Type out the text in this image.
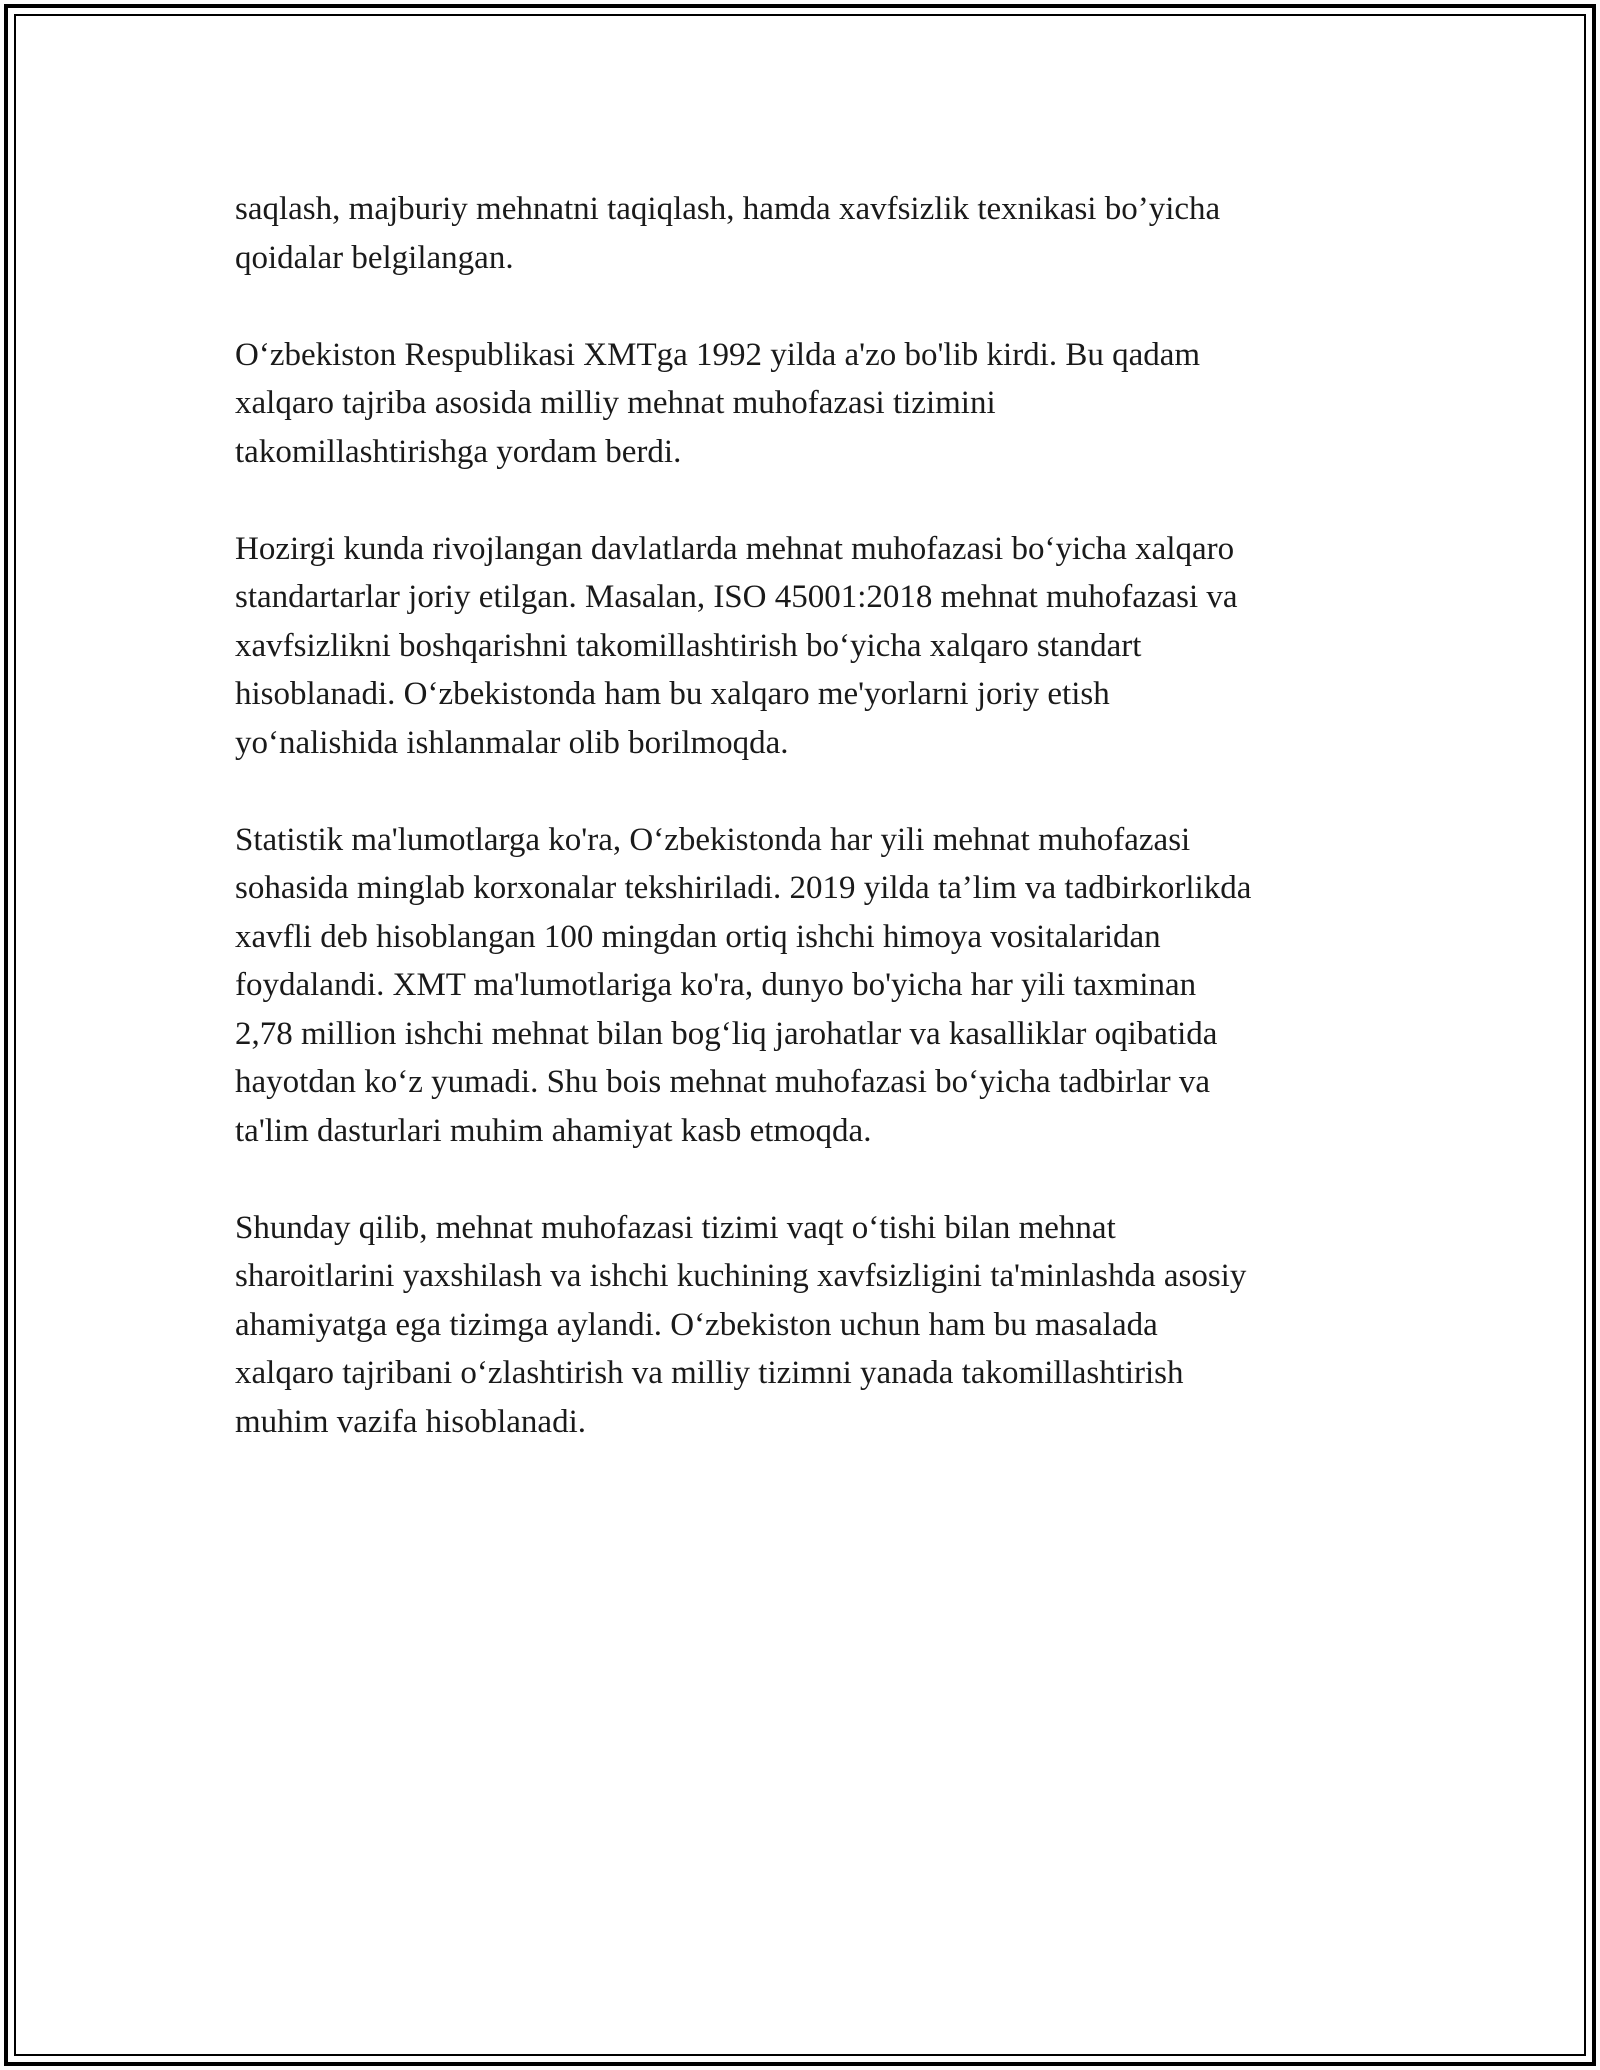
saqlash, majburiy mehnatni taqiqlash, hamda xavfsizlik texnikasi bo’yicha
qoidalar belgilangan.
O‘zbekiston Respublikasi XMTga 1992 yilda a'zo bo'lib kirdi. Bu qadam
xalqaro tajriba asosida milliy mehnat muhofazasi tizimini
takomillashtirishga yordam berdi.
Hozirgi kunda rivojlangan davlatlarda mehnat muhofazasi bo‘yicha xalqaro
standartarlar joriy etilgan. Masalan, ISO 45001:2018 mehnat muhofazasi va
xavfsizlikni boshqarishni takomillashtirish bo‘yicha xalqaro standart
hisoblanadi. O‘zbekistonda ham bu xalqaro me'yorlarni joriy etish
yo‘nalishida ishlanmalar olib borilmoqda.
Statistik ma'lumotlarga ko'ra, O‘zbekistonda har yili mehnat muhofazasi
sohasida minglab korxonalar tekshiriladi. 2019 yilda ta’lim va tadbirkorlikda
xavfli deb hisoblangan 100 mingdan ortiq ishchi himoya vositalaridan
foydalandi. XMT ma'lumotlariga ko'ra, dunyo bo'yicha har yili taxminan
2,78 million ishchi mehnat bilan bog‘liq jarohatlar va kasalliklar oqibatida
hayotdan ko‘z yumadi. Shu bois mehnat muhofazasi bo‘yicha tadbirlar va
ta'lim dasturlari muhim ahamiyat kasb etmoqda.
Shunday qilib, mehnat muhofazasi tizimi vaqt o‘tishi bilan mehnat
sharoitlarini yaxshilash va ishchi kuchining xavfsizligini ta'minlashda asosiy
ahamiyatga ega tizimga aylandi. O‘zbekiston uchun ham bu masalada
xalqaro tajribani o‘zlashtirish va milliy tizimni yanada takomillashtirish
muhim vazifa hisoblanadi.
